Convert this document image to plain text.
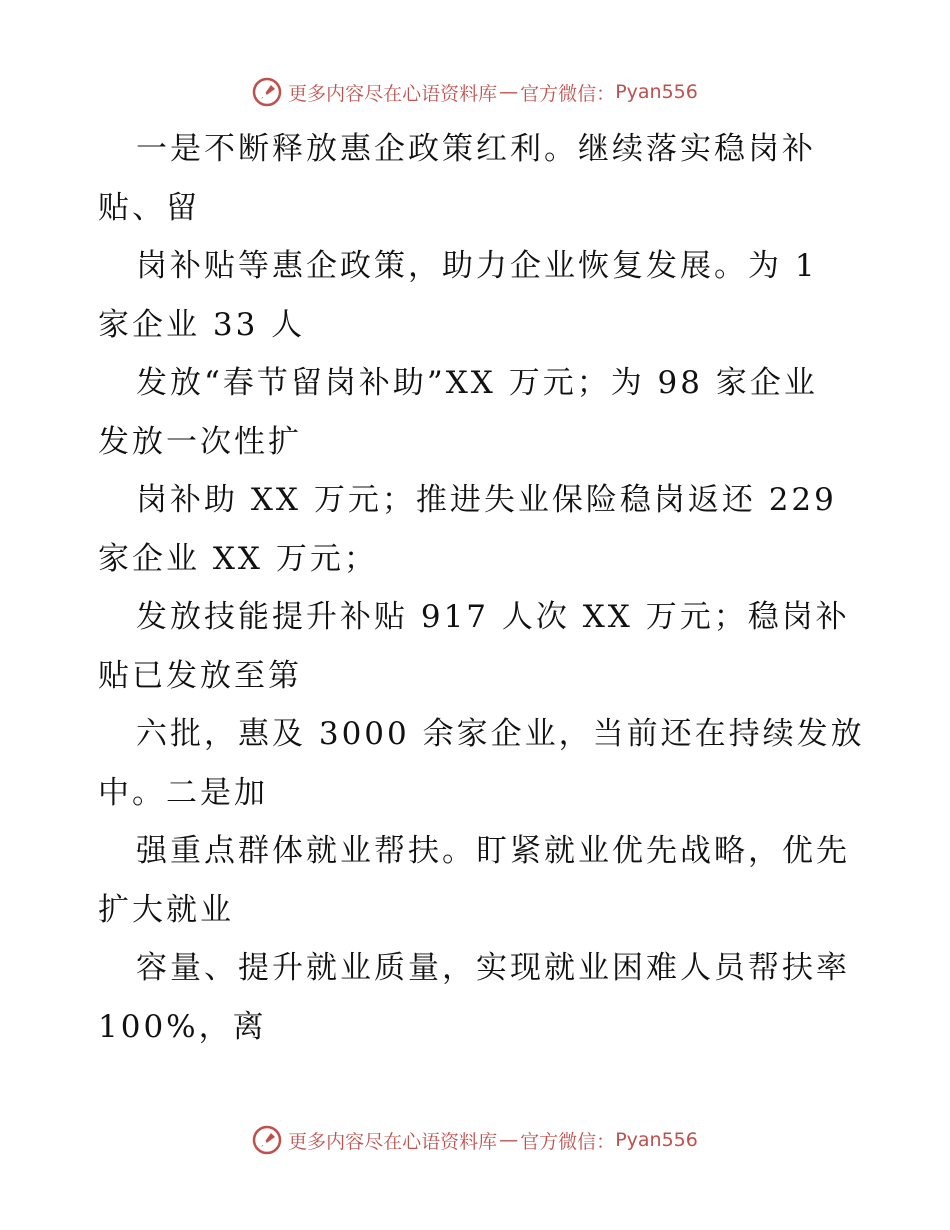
更多内容尽在心语资料库 — 官方微信： Pyan556
一是不断释放惠企政策红利。继续落实稳岗补
贴、留
岗补贴等惠企政策，助力企业恢复发展。为 1
家企业 33 人
发放“春节留岗补助”XX 万元；为 98 家企业
发放一次性扩
岗补助 XX 万元；推进失业保险稳岗返还 229
家企业 XX 万元；
发放技能提升补贴 917 人次 XX 万元；稳岗补
贴已发放至第
六批，惠及 3000 余家企业，当前还在持续发放
中。二是加
强重点群体就业帮扶。盯紧就业优先战略，优先
扩大就业
容量、提升就业质量，实现就业困难人员帮扶率
100%，离
更多内容尽在心语资料库 — 官方微信： Pyan556
